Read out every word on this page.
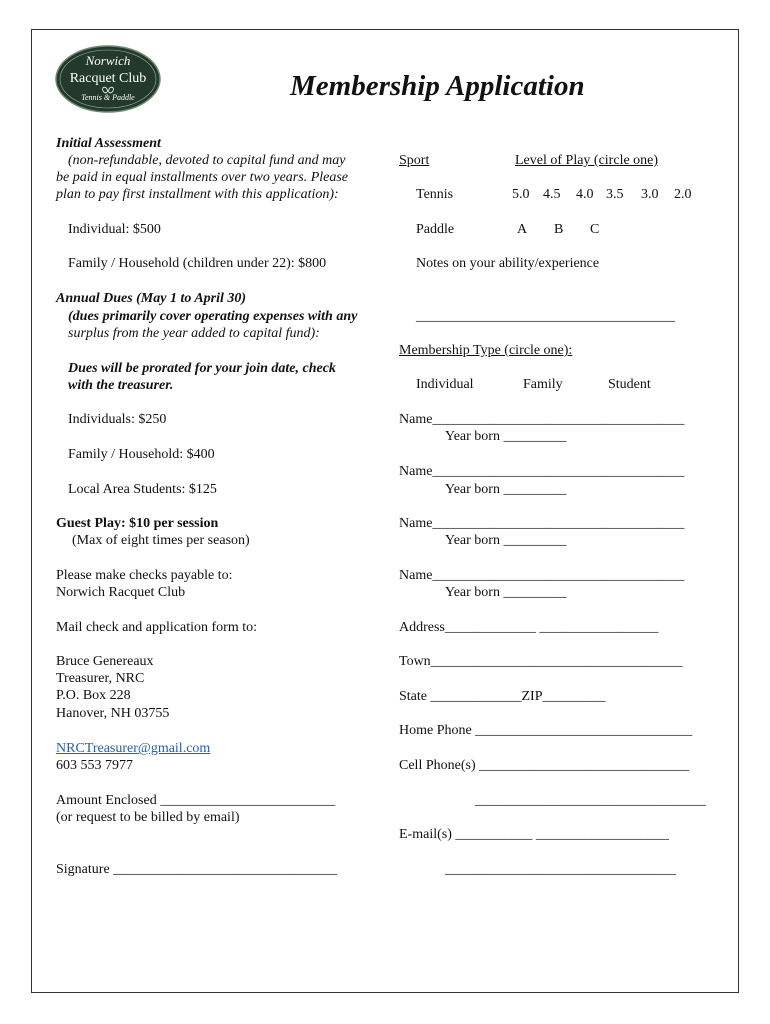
Norwich
Racquet Club
Tennis & Paddle	Membership Application
Initial Assessment
(non-refundable, devoted to capital fund and may
be paid in equal installments over two years. Please
plan to pay first installment with this application):
Individual: $500
Family / Household (children under 22): $800
Annual Dues (May 1 to April 30)
(dues primarily cover operating expenses with any
surplus from the year added to capital fund):
Dues will be prorated for your join date, check
with the treasurer.
Individuals: $250
Family / Household: $400
Local Area Students: $125
Guest Play: $10 per session
(Max of eight times per season)
Please make checks payable to:
Norwich Racquet Club
Mail check and application form to:
Bruce Genereaux
Treasurer, NRC
P.O. Box 228
Hanover, NH 03755
NRCTreasurer@gmail.com
603 553 7977
Amount Enclosed _________________________
(or request to be billed by email)
Signature ________________________________
Sport	Level of Play (circle one)
Tennis	5.0 4.5 4.0 3.5 3.0 2.0
Paddle	A B C
Notes on your ability/experience
_____________________________________
Membership Type (circle one):
Individual	Family	Student
Name____________________________________
Year born _________
Name____________________________________
Year born _________
Name____________________________________
Year born _________
Name____________________________________
Year born _________
Address_____________ _________________
Town____________________________________
State _____________ZIP_________
Home Phone _______________________________
Cell Phone(s) ______________________________
_________________________________
E-mail(s) ___________ ___________________
_________________________________
